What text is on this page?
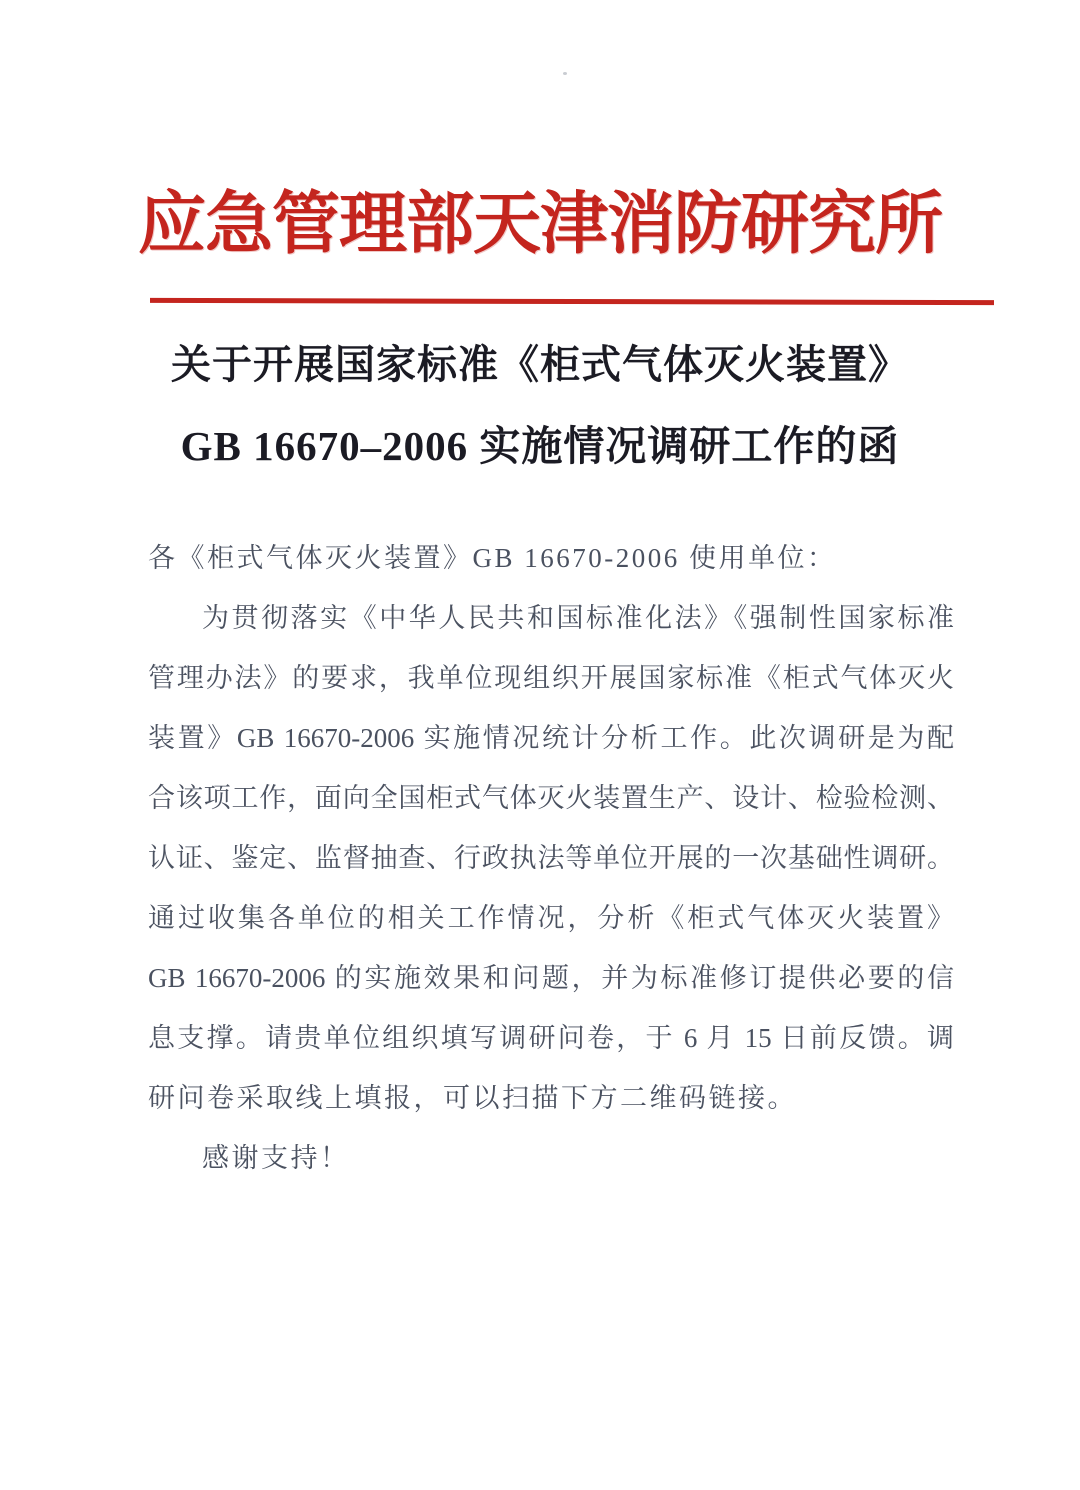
应急管理部天津消防研究所
关于开展国家标准《柜式气体灭火装置》
GB 16670–2006 实施情况调研工作的函
各《柜式气体灭火装置》GB 16670-2006 使用单位：
为贯彻落实《中华人民共和国标准化法》《强制性国家标准
管理办法》的要求，我单位现组织开展国家标准《柜式气体灭火
装置》GB 16670-2006 实施情况统计分析工作。此次调研是为配
合该项工作，面向全国柜式气体灭火装置生产、设计、检验检测、
认证、鉴定、监督抽查、行政执法等单位开展的一次基础性调研。
通过收集各单位的相关工作情况，分析《柜式气体灭火装置》
GB 16670-2006 的实施效果和问题，并为标准修订提供必要的信
息支撑。请贵单位组织填写调研问卷，于 6 月 15 日前反馈。调
研问卷采取线上填报，可以扫描下方二维码链接。
感谢支持！
